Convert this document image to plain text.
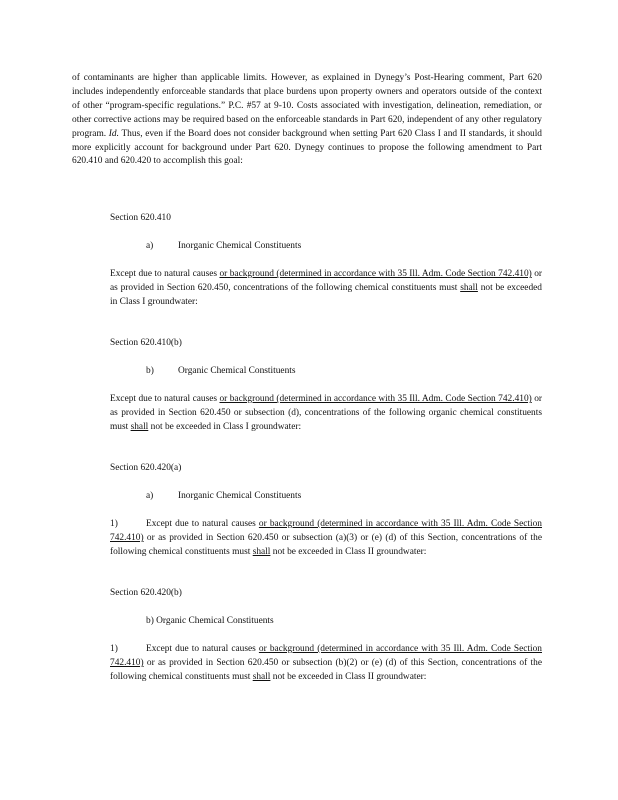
of contaminants are higher than applicable limits. However, as explained in Dynegy’s Post-Hearing comment, Part 620 includes independently enforceable standards that place burdens upon property owners and operators outside of the context of other “program-specific regulations.” P.C. #57 at 9-10. Costs associated with investigation, delineation, remediation, or other corrective actions may be required based on the enforceable standards in Part 620, independent of any other regulatory program. Id. Thus, even if the Board does not consider background when setting Part 620 Class I and II standards, it should more explicitly account for background under Part 620. Dynegy continues to propose the following amendment to Part 620.410 and 620.420 to accomplish this goal:

Section 620.410
a)	Inorganic Chemical Constituents

Except due to natural causes or background (determined in accordance with 35 Ill. Adm. Code Section 742.410) or as provided in Section 620.450, concentrations of the following chemical constituents must shall not be exceeded in Class I groundwater:

Section 620.410(b)
b)	Organic Chemical Constituents

Except due to natural causes or background (determined in accordance with 35 Ill. Adm. Code Section 742.410) or as provided in Section 620.450 or subsection (d), concentrations of the following organic chemical constituents must shall not be exceeded in Class I groundwater:

Section 620.420(a)
a)	Inorganic Chemical Constituents

1)	Except due to natural causes or background (determined in accordance with 35 Ill. Adm. Code Section 742.410) or as provided in Section 620.450 or subsection (a)(3) or (e) (d) of this Section, concentrations of the following chemical constituents must shall not be exceeded in Class II groundwater:

Section 620.420(b)
b) Organic Chemical Constituents

1)	Except due to natural causes or background (determined in accordance with 35 Ill. Adm. Code Section 742.410) or as provided in Section 620.450 or subsection (b)(2) or (e) (d) of this Section, concentrations of the following chemical constituents must shall not be exceeded in Class II groundwater:
